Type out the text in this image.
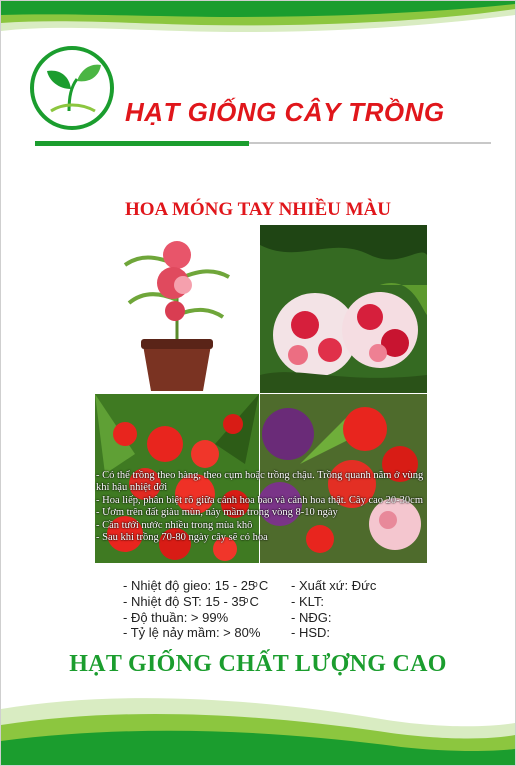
HẠT GIỐNG CÂY TRỒNG
HOA MÓNG TAY NHIỀU MÀU
- Có thể trồng theo hàng, theo cụm hoặc trồng chậu. Trồng quanh năm ở vùng khí hậu nhiệt đới
- Hoa liếp, phân biệt rõ giữa cánh hoa bao và cánh hoa thật. Cây cao 20-30cm
- Ươm trên đất giàu mùn, nảy mầm trong vòng 8-10 ngày
- Cần tưới nước nhiều trong mùa khô
- Sau khi trồng 70-80 ngày cây sẽ có hoa
- Nhiệt độ gieo: 15 - 25ͦ C
- Nhiệt độ ST: 15 - 35ͦ C
- Độ thuần: > 99%
- Tỷ lệ nảy mầm: > 80%
- Xuất xứ: Đức
- KLT:
- NĐG:
- HSD:
HẠT GIỐNG CHẤT LƯỢNG CAO
